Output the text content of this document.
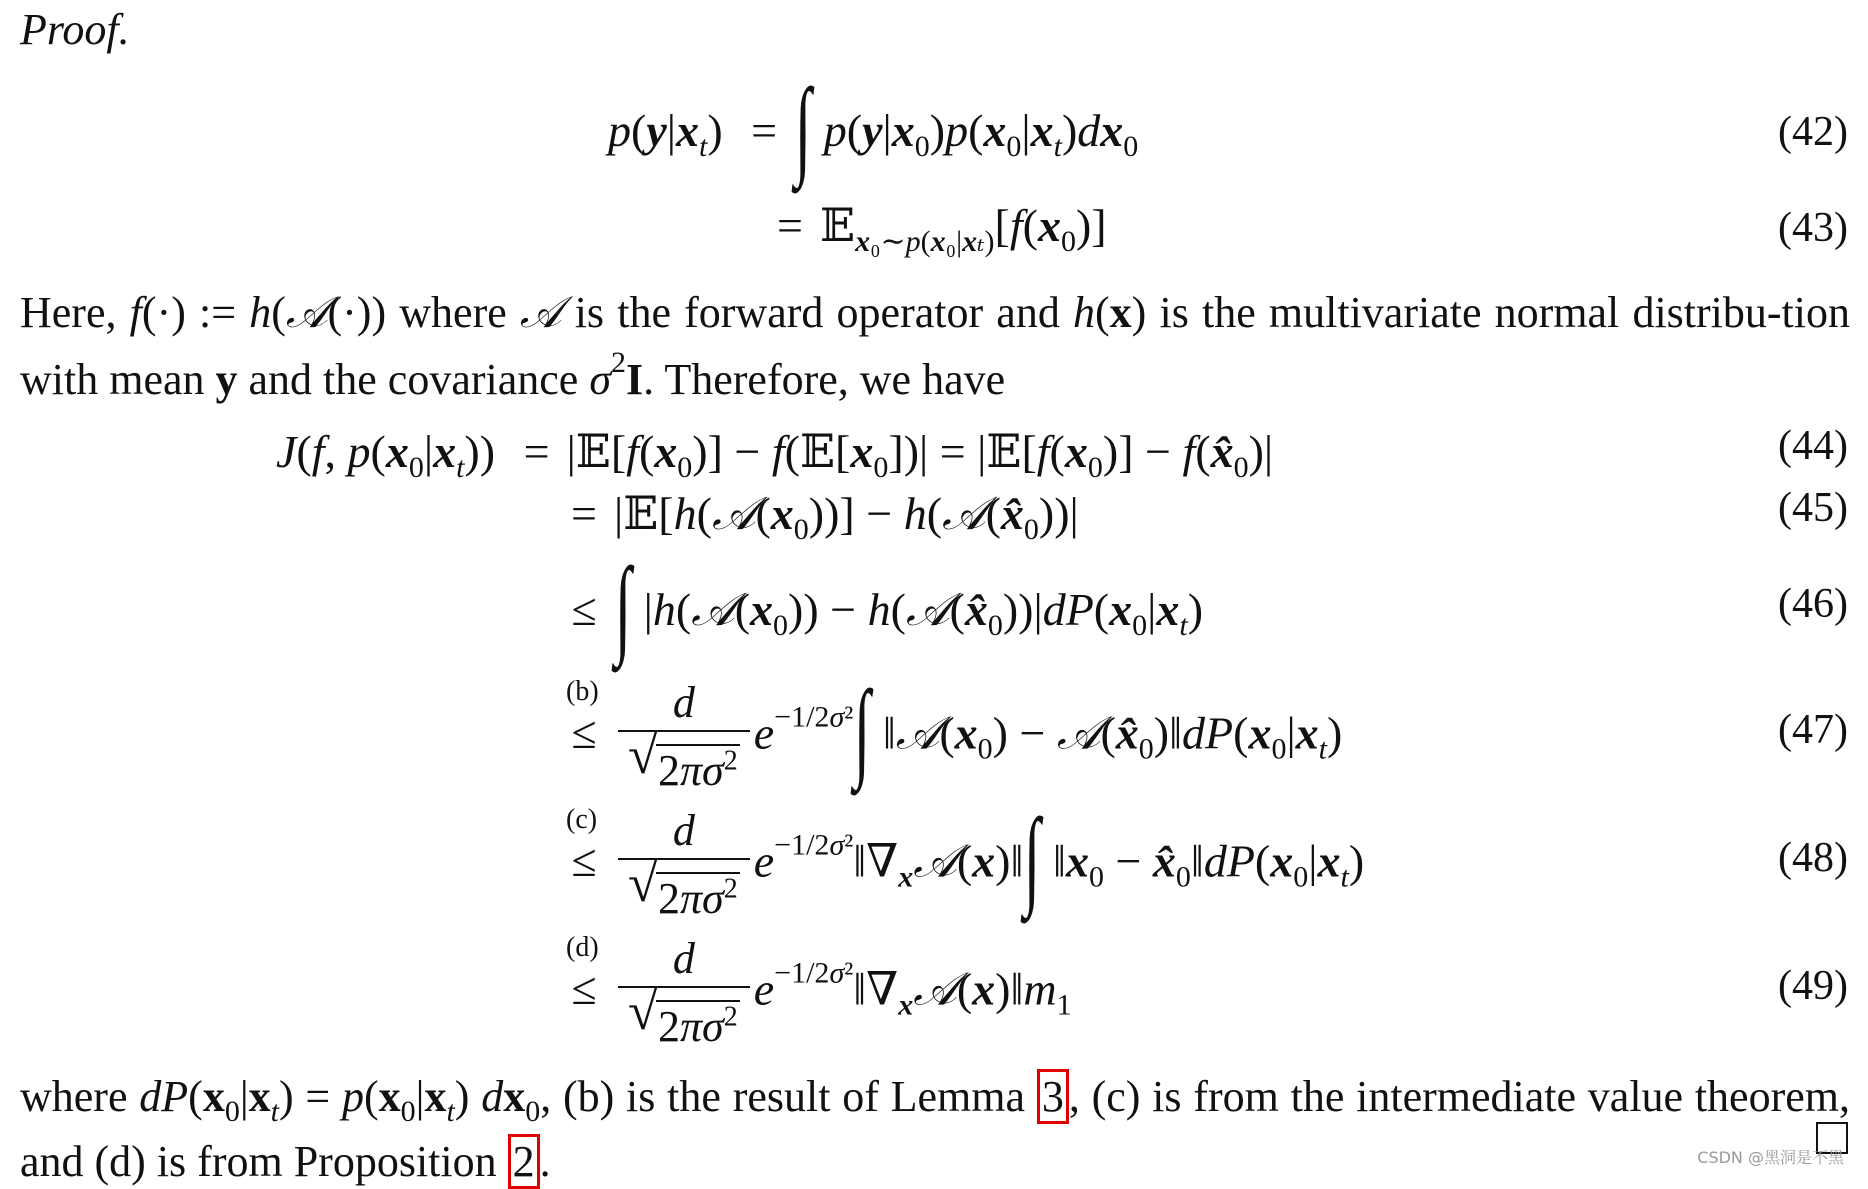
Proof.
$p(y|x_t)$ = ∫ $p(y|x_0)p(x_0|x_t)dx_0$	(42)
= $𝔼_{x_0\sim p(x_0|x_t)}[f(x_0)]$	(43)
Here, f(·) := h(𝒜(·)) where 𝒜 is the forward operator and h(x) is the multivariate normal distribu-tion with mean y and the covariance $\sigma^2I$. Therefore, we have
J(f, $p(x_0|x_t)$) = $|𝔼[f(x_0)]$ − $f(𝔼[x_0])|$ = $|𝔼[f(x_0)]$ − $f(x̂_0)|$	(44)
= $|𝔼[h(𝒜(x_0))]$ − $h(𝒜(x̂_0))|$	(45)
≤ ∫ $|h(𝒜(x_0))$ − $h(𝒜(x̂_0))|dP(x_0|x_t)$	(46)
(b)
≤ d
√ $2\pi\sigma^2$ $e^{-1/2\sigma^2}\int$ $‖𝒜(x_0)$ − $𝒜(x̂_0)‖dP(x_0|x_t)$	(47)
(c)
≤ d
√ $2\pi\sigma^2$ $e^{-1/2\sigma^2}‖\nabla_x𝒜(x)‖\int$ $‖x_0$ − $x̂_0‖dP(x_0|x_t)$	(48)
(d)
≤ d
√ $2\pi\sigma^2$ $e^{-1/2\sigma^2}‖\nabla_x𝒜(x)‖m_1$	(49)
where $dP(x_0|x_t) = p(x_0|x_t)$ $dx_0$, (b) is the result of Lemma 3 , (c) is from the intermediate value theorem, and (d) is from Proposition 2 .	CSDN @黑洞是不黑
